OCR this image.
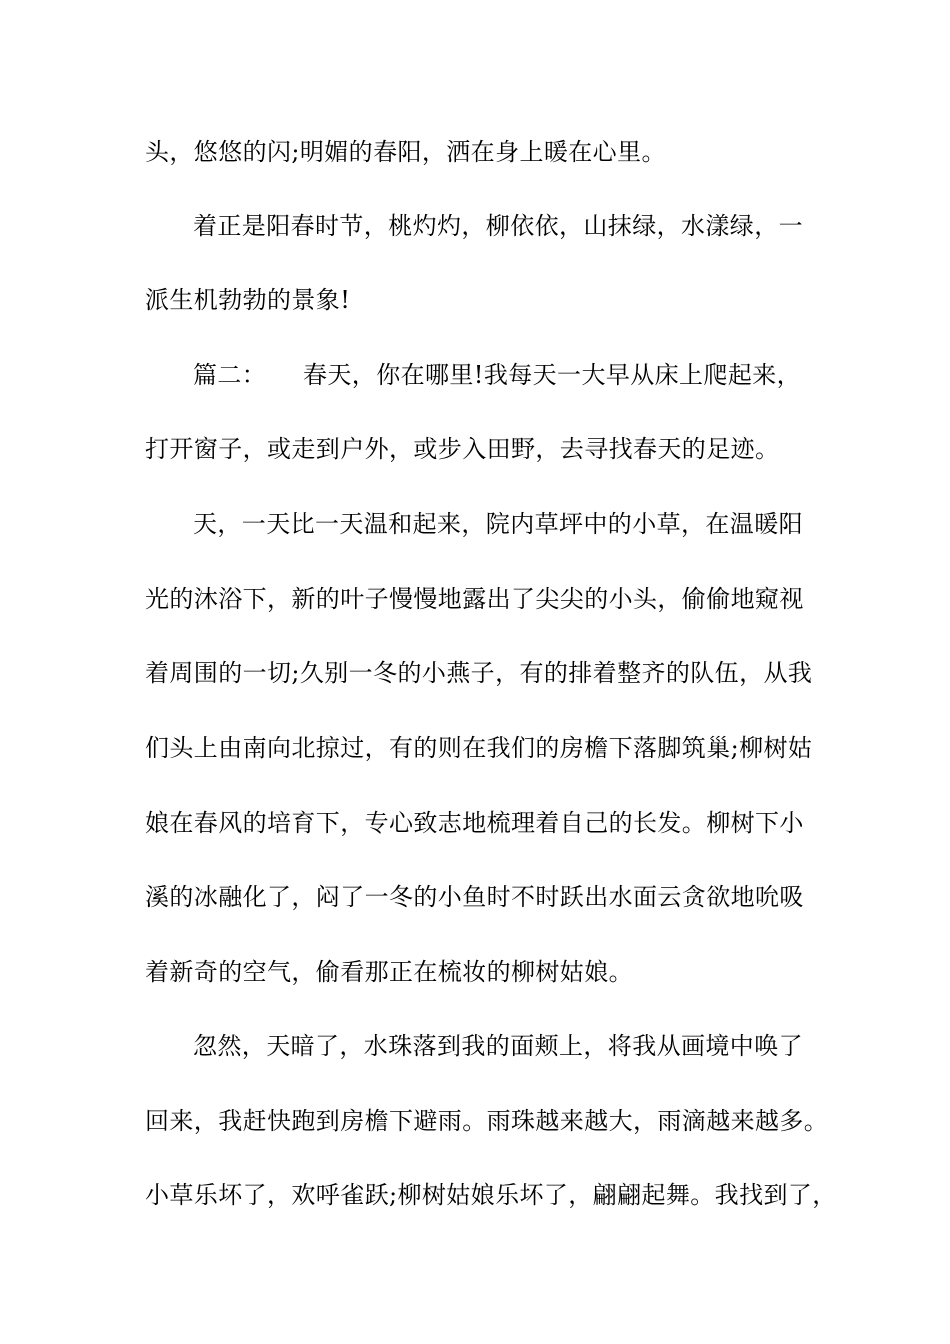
头，悠悠的闪;明媚的春阳，洒在身上暖在心里。
着正是阳春时节，桃灼灼，柳依依，山抹绿，水漾绿，一
派生机勃勃的景象!
篇二：　　春天，你在哪里!我每天一大早从床上爬起来，
打开窗子，或走到户外，或步入田野，去寻找春天的足迹。
天，一天比一天温和起来，院内草坪中的小草，在温暖阳
光的沐浴下，新的叶子慢慢地露出了尖尖的小头，偷偷地窥视
着周围的一切;久别一冬的小燕子，有的排着整齐的队伍，从我
们头上由南向北掠过，有的则在我们的房檐下落脚筑巢;柳树姑
娘在春风的培育下，专心致志地梳理着自己的长发。柳树下小
溪的冰融化了，闷了一冬的小鱼时不时跃出水面云贪欲地吮吸
着新奇的空气，偷看那正在梳妆的柳树姑娘。
忽然，天暗了，水珠落到我的面颊上，将我从画境中唤了
回来，我赶快跑到房檐下避雨。雨珠越来越大，雨滴越来越多。
小草乐坏了，欢呼雀跃;柳树姑娘乐坏了，翩翩起舞。我找到了，
